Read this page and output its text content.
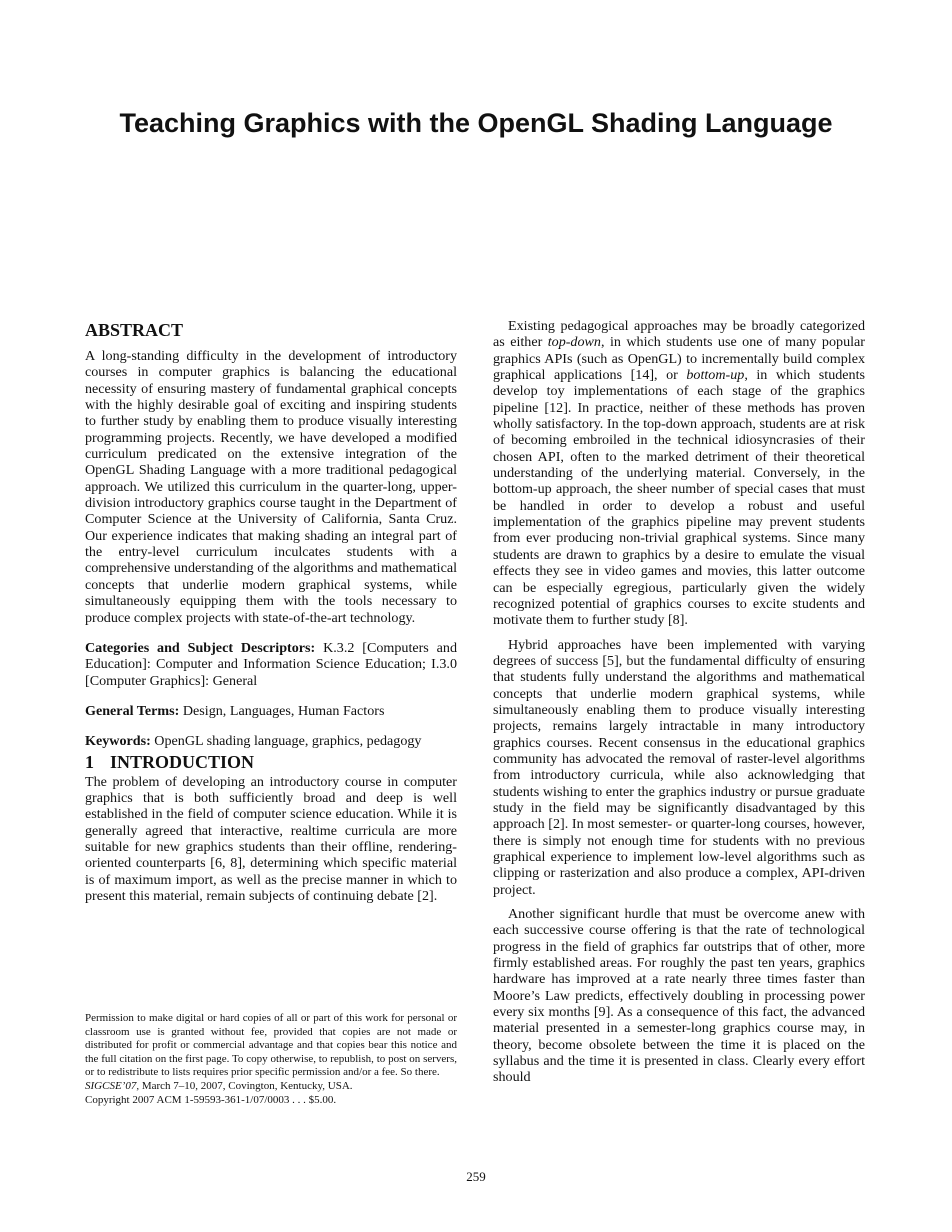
Teaching Graphics with the OpenGL Shading Language
ABSTRACT

A long-standing difficulty in the development of introductory courses in computer graphics is balancing the educational necessity of ensuring mastery of fundamental graphical concepts with the highly desirable goal of exciting and inspiring students to further study by enabling them to produce visually interesting programming projects. Recently, we have developed a modified curriculum predicated on the extensive integration of the OpenGL Shading Language with a more traditional pedagogical approach. We utilized this curriculum in the quarter-long, upper-division introductory graphics course taught in the Department of Computer Science at the University of California, Santa Cruz. Our experience indicates that making shading an integral part of the entry-level curriculum inculcates students with a comprehensive understanding of the algorithms and mathematical concepts that underlie modern graphical systems, while simultaneously equipping them with the tools necessary to produce complex projects with state-of-the-art technology.

Categories and Subject Descriptors: K.3.2 [Computers and Education]: Computer and Information Science Education; I.3.0 [Computer Graphics]: General

General Terms: Design, Languages, Human Factors

Keywords: OpenGL shading language, graphics, pedagogy

1 INTRODUCTION

The problem of developing an introductory course in computer graphics that is both sufficiently broad and deep is well established in the field of computer science education. While it is generally agreed that interactive, realtime curricula are more suitable for new graphics students than their offline, rendering-oriented counterparts [6, 8], determining which specific material is of maximum import, as well as the precise manner in which to present this material, remain subjects of continuing debate [2].

Permission to make digital or hard copies of all or part of this work for personal or classroom use is granted without fee, provided that copies are not made or distributed for profit or commercial advantage and that copies bear this notice and the full citation on the first page. To copy otherwise, to republish, to post on servers, or to redistribute to lists requires prior specific permission and/or a fee. So there.

SIGCSE’07, March 7–10, 2007, Covington, Kentucky, USA.

Copyright 2007 ACM 1-59593-361-1/07/0003 . . . $5.00.

Existing pedagogical approaches may be broadly categorized as either top-down, in which students use one of many popular graphics APIs (such as OpenGL) to incrementally build complex graphical applications [14], or bottom-up, in which students develop toy implementations of each stage of the graphics pipeline [12]. In practice, neither of these methods has proven wholly satisfactory. In the top-down approach, students are at risk of becoming embroiled in the technical idiosyncrasies of their chosen API, often to the marked detriment of their theoretical understanding of the underlying material. Conversely, in the bottom-up approach, the sheer number of special cases that must be handled in order to develop a robust and useful implementation of the graphics pipeline may prevent students from ever producing non-trivial graphical systems. Since many students are drawn to graphics by a desire to emulate the visual effects they see in video games and movies, this latter outcome can be especially egregious, particularly given the widely recognized potential of graphics courses to excite students and motivate them to further study [8].

Hybrid approaches have been implemented with varying degrees of success [5], but the fundamental difficulty of ensuring that students fully understand the algorithms and mathematical concepts that underlie modern graphical systems, while simultaneously enabling them to produce visually interesting projects, remains largely intractable in many introductory graphics courses. Recent consensus in the educational graphics community has advocated the removal of raster-level algorithms from introductory curricula, while also acknowledging that students wishing to enter the graphics industry or pursue graduate study in the field may be significantly disadvantaged by this approach [2]. In most semester- or quarter-long courses, however, there is simply not enough time for students with no previous graphical experience to implement low-level algorithms such as clipping or rasterization and also produce a complex, API-driven project.

Another significant hurdle that must be overcome anew with each successive course offering is that the rate of technological progress in the field of graphics far outstrips that of other, more firmly established areas. For roughly the past ten years, graphics hardware has improved at a rate nearly three times faster than Moore’s Law predicts, effectively doubling in processing power every six months [9]. As a consequence of this fact, the advanced material presented in a semester-long graphics course may, in theory, become obsolete between the time it is placed on the syllabus and the time it is presented in class. Clearly every effort should

259
